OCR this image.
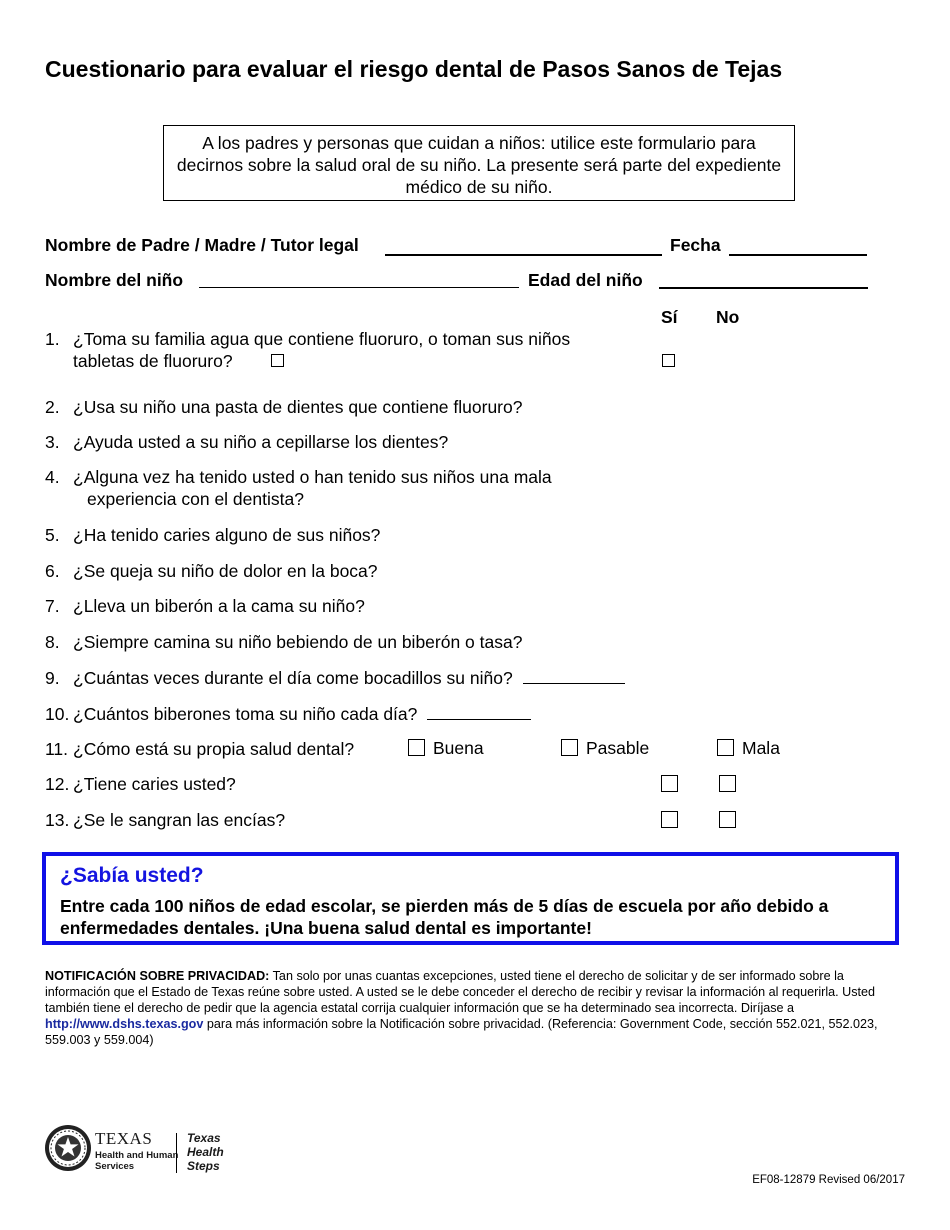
Cuestionario para evaluar el riesgo dental de Pasos Sanos de Tejas
A los padres y personas que cuidan a niños: utilice este formulario para decirnos sobre la salud oral de su niño. La presente será parte del expediente médico de su niño.
Nombre de Padre / Madre / Tutor legal	Fecha
Nombre del niño	Edad del niño
Sí No
1. ¿Toma su familia agua que contiene fluoruro, o toman sus niños
tabletas de fluoruro?
2. ¿Usa su niño una pasta de dientes que contiene fluoruro?
3. ¿Ayuda usted a su niño a cepillarse los dientes?
4. ¿Alguna vez ha tenido usted o han tenido sus niños una mala
experiencia con el dentista?
5. ¿Ha tenido caries alguno de sus niños?
6. ¿Se queja su niño de dolor en la boca?
7. ¿Lleva un biberón a la cama su niño?
8. ¿Siempre camina su niño bebiendo de un biberón o tasa?
9. ¿Cuántas veces durante el día come bocadillos su niño?
10. ¿Cuántos biberones toma su niño cada día?
11. ¿Cómo está su propia salud dental?	Buena	Pasable	Mala
12. ¿Tiene caries usted?
13. ¿Se le sangran las encías?
¿Sabía usted?
Entre cada 100 niños de edad escolar, se pierden más de 5 días de escuela por año debido a enfermedades dentales. ¡Una buena salud dental es importante!
NOTIFICACIÓN SOBRE PRIVACIDAD: Tan solo por unas cuantas excepciones, usted tiene el derecho de solicitar y de ser informado sobre la información que el Estado de Texas reúne sobre usted. A usted se le debe conceder el derecho de recibir y revisar la información al requerirla. Usted también tiene el derecho de pedir que la agencia estatal corrija cualquier información que se ha determinado sea incorrecta. Diríjase a http://www.dshs.texas.gov para más información sobre la Notificación sobre privacidad. (Referencia: Government Code, sección 552.021, 552.023, 559.003 y 559.004)
TEXAS
Health and Human
Services
Texas
Health
Steps
EF08-12879 Revised 06/2017
